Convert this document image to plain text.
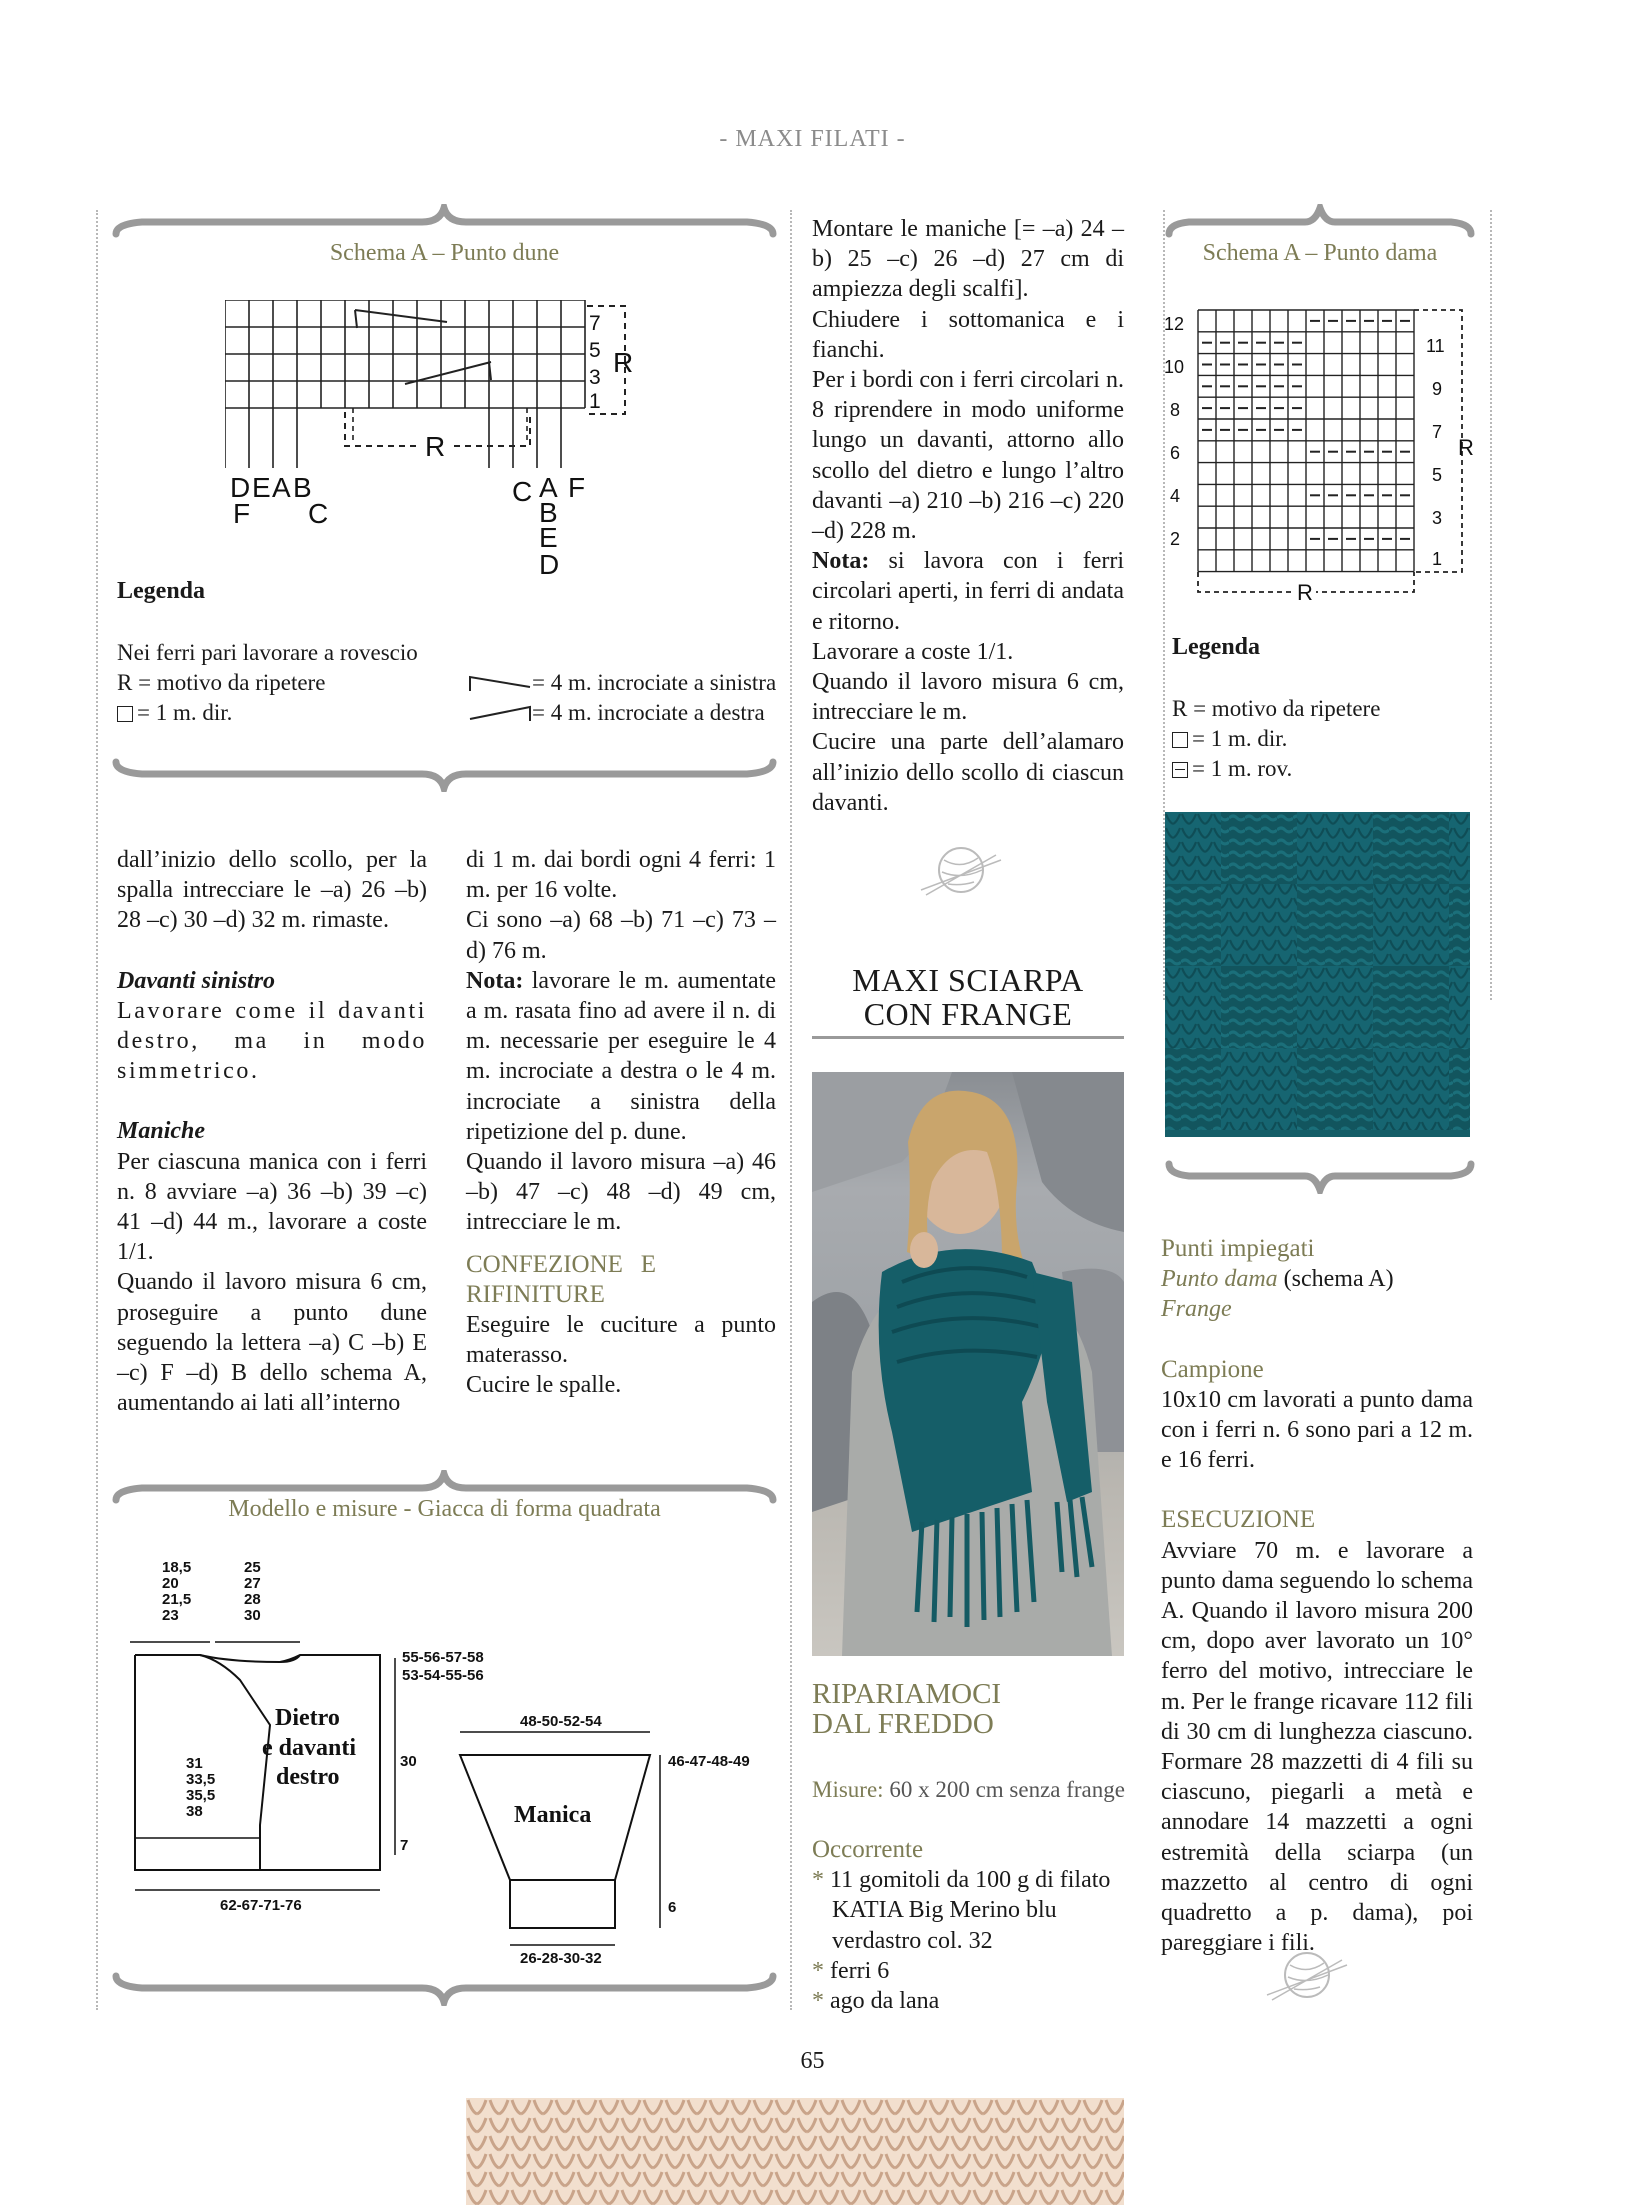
- MAXI FILATI -
Schema A – Punto dune
7
5
3
1
R
R
D E A B
F C
C A F
B
E
D
Legenda
Nei ferri pari lavorare a rovescio
R = motivo da ripetere
= 1 m. dir.
= 4 m. incrociate a sinistra
= 4 m. incrociate a destra

dall’inizio dello scollo, per la spalla intrecciare le –a) 26 –b) 28 –c) 30 –d) 32 m. rimaste.

Davanti sinistro

Lavorare come il davanti destro, ma in modo simmetrico.

Maniche

Per ciascuna manica con i ferri n. 8 avviare –a) 36 –b) 39 –c) 41 –d) 44 m., lavorare a coste 1/1.

Quando il lavoro misura 6 cm, proseguire a punto dune seguendo la lettera –a) C –b) E –c) F –d) B dello schema A, aumentando ai lati all’interno

di 1 m. dai bordi ogni 4 ferri: 1 m. per 16 volte.

Ci sono –a) 68 –b) 71 –c) 73 –d) 76 m.

Nota: lavorare le m. aumentate a m. rasata fino ad avere il n. di m. necessarie per eseguire le 4 m. incrociate a destra o le 4 m. incrociate a sinistra della ripetizione del p. dune.

Quando il lavoro misura –a) 46 –b) 47 –c) 48 –d) 49 cm, intrecciare le m.

CONFEZIONE E RIFINITURE

Eseguire le cuciture a punto materasso.

Cucire le spalle.

Modello e misure - Giacca di forma quadrata
18,5
20
21,5
23
25
27
28
30
55-56-57-58
53-54-55-56
30
7
31
33,5
35,5
38
62-67-71-76
Dietro
e davanti
destro
48-50-52-54
46-47-48-49
6
26-28-30-32
Manica

Montare le maniche [= –a) 24 –b) 25 –c) 26 –d) 27 cm di ampiezza degli scalfi].

Chiudere i sottomanica e i fianchi.

Per i bordi con i ferri circolari n. 8 riprendere in modo uniforme lungo un davanti, attorno allo scollo del dietro e lungo l’altro davanti –a) 210 –b) 216 –c) 220 –d) 228 m.

Nota: si lavora con i ferri circolari aperti, in ferri di andata e ritorno.

Lavorare a coste 1/1.

Quando il lavoro misura 6 cm, intrecciare le m.

Cucire una parte dell’alamaro all’inizio dello scollo di ciascun davanti.

MAXI SCIARPA
CON FRANGE
RIPARIAMOCI
DAL FREDDO
Misure: 60 x 200 cm senza frange

Occorrente

* 11 gomitoli da 100 g di filato KATIA Big Merino blu verdastro col. 32

* ferri 6

* ago da lana

Schema A – Punto dama
R
R
12
10
8
6
4
2
11
9
7
5
3
1
Legenda
R = motivo da ripetere
= 1 m. dir.
= 1 m. rov.

Punti impiegati

Punto dama (schema A)

Frange

Campione

10x10 cm lavorati a punto dama con i ferri n. 6 sono pari a 12 m. e 16 ferri.

ESECUZIONE

Avviare 70 m. e lavorare a punto dama seguendo lo schema A. Quando il lavoro misura 200 cm, dopo aver lavorato un 10° ferro del motivo, intrecciare le m. Per le frange ricavare 112 fili di 30 cm di lunghezza ciascuno. Formare 28 mazzetti di 4 fili su ciascuno, piegarli a metà e annodare 14 mazzetti a ogni estremità della sciarpa (un mazzetto al centro di ogni quadretto a p. dama), poi pareggiare i fili.

65
